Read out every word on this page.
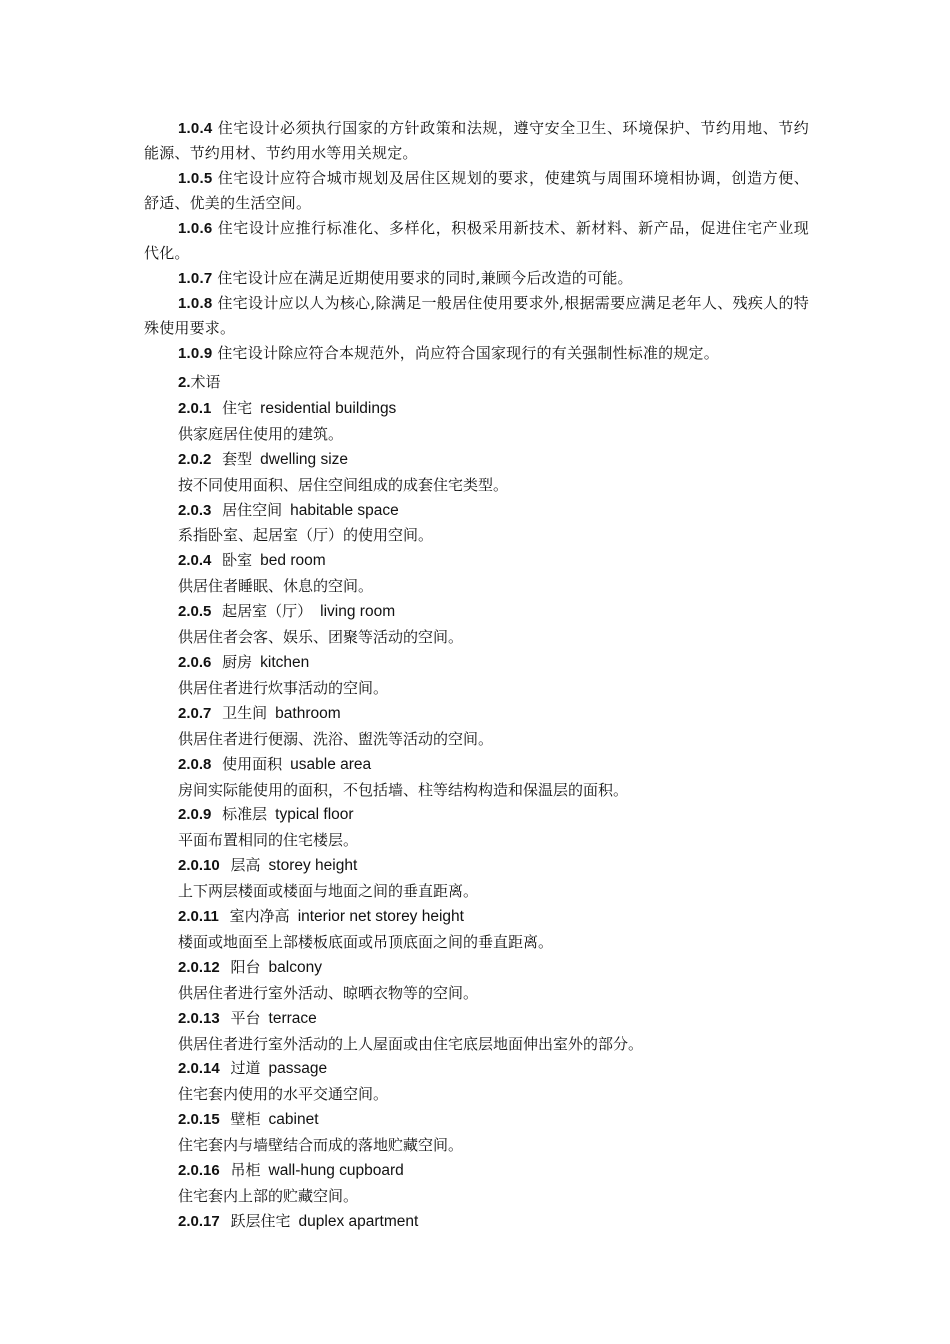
1.0.4 住宅设计必须执行国家的方针政策和法规，遵守安全卫生、环境保护、节约用地、节约能源、节约用材、节约用水等用关规定。

1.0.5 住宅设计应符合城市规划及居住区规划的要求，使建筑与周围环境相协调，创造方便、舒适、优美的生活空间。

1.0.6 住宅设计应推行标准化、多样化，积极采用新技术、新材料、新产品，促进住宅产业现代化。

1.0.7 住宅设计应在满足近期使用要求的同时,兼顾今后改造的可能。

1.0.8 住宅设计应以人为核心,除满足一般居住使用要求外,根据需要应满足老年人、残疾人的特殊使用要求。

1.0.9 住宅设计除应符合本规范外，尚应符合国家现行的有关强制性标准的规定。

2.术语

2.0.1 住宅 residential buildings

供家庭居住使用的建筑。

2.0.2 套型 dwelling size

按不同使用面积、居住空间组成的成套住宅类型。

2.0.3 居住空间 habitable space

系指卧室、起居室（厅）的使用空间。

2.0.4 卧室 bed room

供居住者睡眠、休息的空间。

2.0.5 起居室（厅） living room

供居住者会客、娱乐、团聚等活动的空间。

2.0.6 厨房 kitchen

供居住者进行炊事活动的空间。

2.0.7 卫生间 bathroom

供居住者进行便溺、洗浴、盥洗等活动的空间。

2.0.8 使用面积 usable area

房间实际能使用的面积，不包括墙、柱等结构构造和保温层的面积。

2.0.9 标准层 typical floor

平面布置相同的住宅楼层。

2.0.10 层高 storey height

上下两层楼面或楼面与地面之间的垂直距离。

2.0.11 室内净高 interior net storey height

楼面或地面至上部楼板底面或吊顶底面之间的垂直距离。

2.0.12 阳台 balcony

供居住者进行室外活动、晾晒衣物等的空间。

2.0.13 平台 terrace

供居住者进行室外活动的上人屋面或由住宅底层地面伸出室外的部分。

2.0.14 过道 passage

住宅套内使用的水平交通空间。

2.0.15 壁柜 cabinet

住宅套内与墙壁结合而成的落地贮藏空间。

2.0.16 吊柜 wall-hung cupboard

住宅套内上部的贮藏空间。

2.0.17 跃层住宅 duplex apartment
